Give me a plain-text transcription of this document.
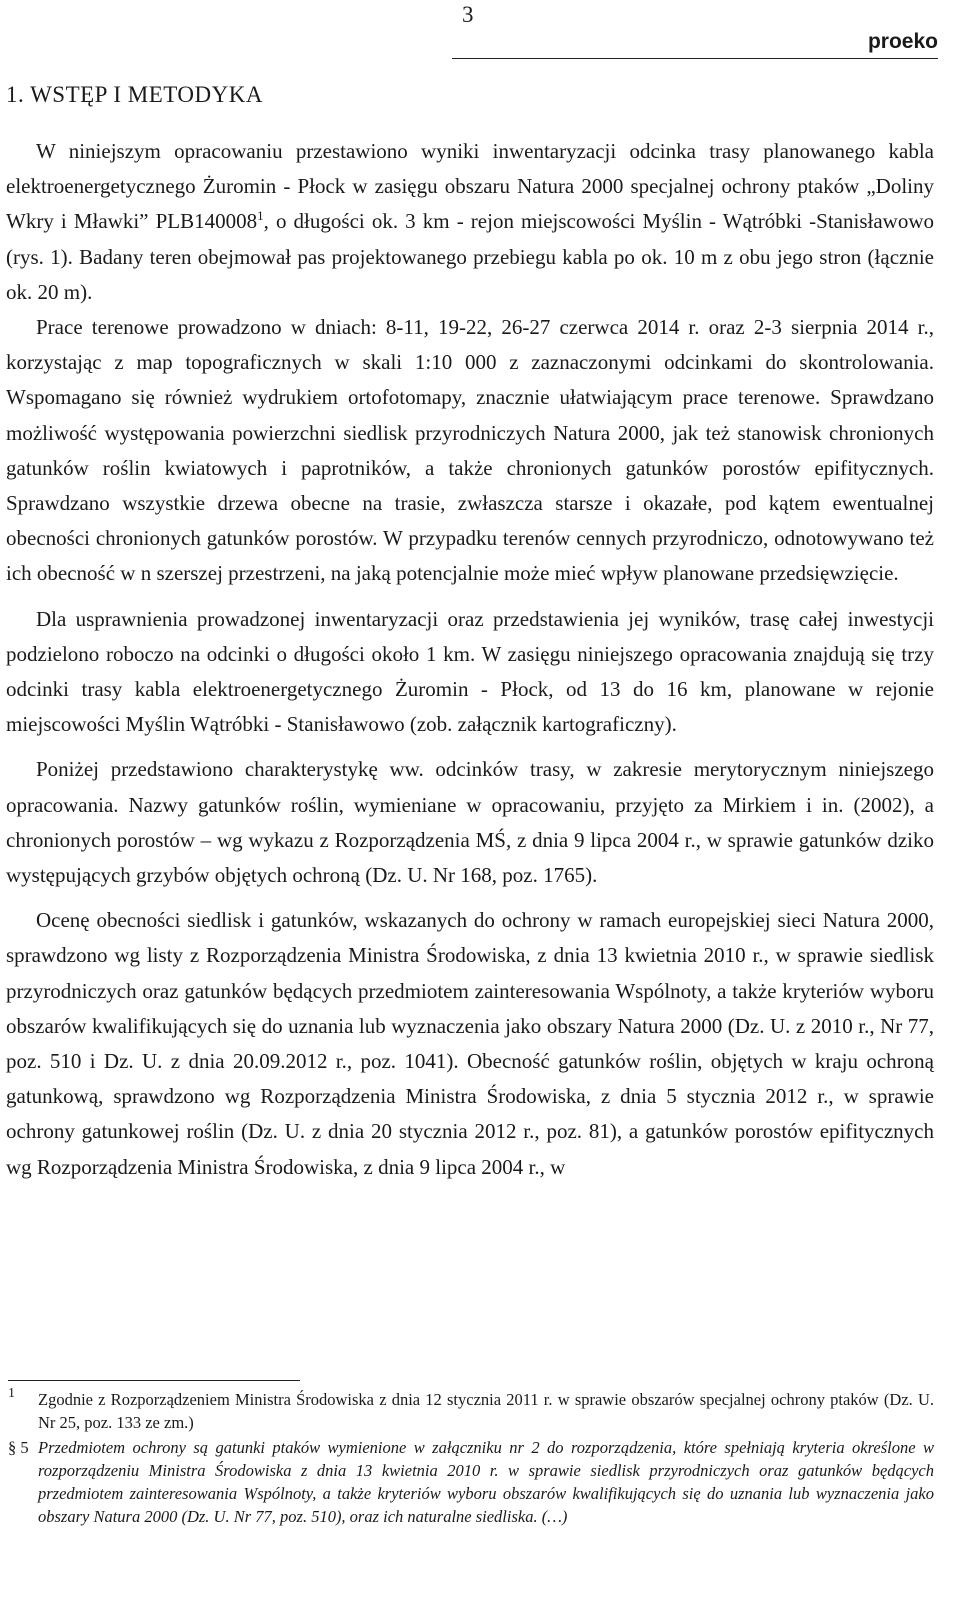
3
proeko
1. WSTĘP I METODYKA

W niniejszym opracowaniu przestawiono wyniki inwentaryzacji odcinka trasy planowanego kabla elektroenergetycznego Żuromin - Płock w zasięgu obszaru Natura 2000 specjalnej ochrony ptaków „Doliny Wkry i Mławki” PLB140008$^1$, o długości ok. 3 km - rejon miejscowości Myślin - Wątróbki -Stanisławowo (rys. 1). Badany teren obejmował pas projektowanego przebiegu kabla po ok. 10 m z obu jego stron (łącznie ok. 20 m).

Prace terenowe prowadzono w dniach: 8-11, 19-22, 26-27 czerwca 2014 r. oraz 2-3 sierpnia 2014 r., korzystając z map topograficznych w skali 1:10 000 z zaznaczonymi odcinkami do skontrolowania. Wspomagano się również wydrukiem ortofotomapy, znacznie ułatwiającym prace terenowe. Sprawdzano możliwość występowania powierzchni siedlisk przyrodniczych Natura 2000, jak też stanowisk chronionych gatunków roślin kwiatowych i paprotników, a także chronionych gatunków porostów epifitycznych. Sprawdzano wszystkie drzewa obecne na trasie, zwłaszcza starsze i okazałe, pod kątem ewentualnej obecności chronionych gatunków porostów. W przypadku terenów cennych przyrodniczo, odnotowywano też ich obecność w n szerszej przestrzeni, na jaką potencjalnie może mieć wpływ planowane przedsięwzięcie.

Dla usprawnienia prowadzonej inwentaryzacji oraz przedstawienia jej wyników, trasę całej inwestycji podzielono roboczo na odcinki o długości około 1 km. W zasięgu niniejszego opracowania znajdują się trzy odcinki trasy kabla elektroenergetycznego Żuromin - Płock, od 13 do 16 km, planowane w rejonie miejscowości Myślin Wątróbki - Stanisławowo (zob. załącznik kartograficzny).

Poniżej przedstawiono charakterystykę ww. odcinków trasy, w zakresie merytorycznym niniejszego opracowania. Nazwy gatunków roślin, wymieniane w opracowaniu, przyjęto za Mirkiem i in. (2002), a chronionych porostów – wg wykazu z Rozporządzenia MŚ, z dnia 9 lipca 2004 r., w sprawie gatunków dziko występujących grzybów objętych ochroną (Dz. U. Nr 168, poz. 1765).

Ocenę obecności siedlisk i gatunków, wskazanych do ochrony w ramach europejskiej sieci Natura 2000, sprawdzono wg listy z Rozporządzenia Ministra Środowiska, z dnia 13 kwietnia 2010 r., w sprawie siedlisk przyrodniczych oraz gatunków będących przedmiotem zainteresowania Wspólnoty, a także kryteriów wyboru obszarów kwalifikujących się do uznania lub wyznaczenia jako obszary Natura 2000 (Dz. U. z 2010 r., Nr 77, poz. 510 i Dz. U. z dnia 20.09.2012 r., poz. 1041). Obecność gatunków roślin, objętych w kraju ochroną gatunkową, sprawdzono wg Rozporządzenia Ministra Środowiska, z dnia 5 stycznia 2012 r., w sprawie ochrony gatunkowej roślin (Dz. U. z dnia 20 stycznia 2012 r., poz. 81), a gatunków porostów epifitycznych wg Rozporządzenia Ministra Środowiska, z dnia 9 lipca 2004 r., w

1 Zgodnie z Rozporządzeniem Ministra Środowiska z dnia 12 stycznia 2011 r. w sprawie obszarów specjalnej ochrony ptaków (Dz. U. Nr 25, poz. 133 ze zm.)
§ 5 Przedmiotem ochrony są gatunki ptaków wymienione w załączniku nr 2 do rozporządzenia, które spełniają kryteria określone w rozporządzeniu Ministra Środowiska z dnia 13 kwietnia 2010 r. w sprawie siedlisk przyrodniczych oraz gatunków będących przedmiotem zainteresowania Wspólnoty, a także kryteriów wyboru obszarów kwalifikujących się do uznania lub wyznaczenia jako obszary Natura 2000 (Dz. U. Nr 77, poz. 510), oraz ich naturalne siedliska. (…)
